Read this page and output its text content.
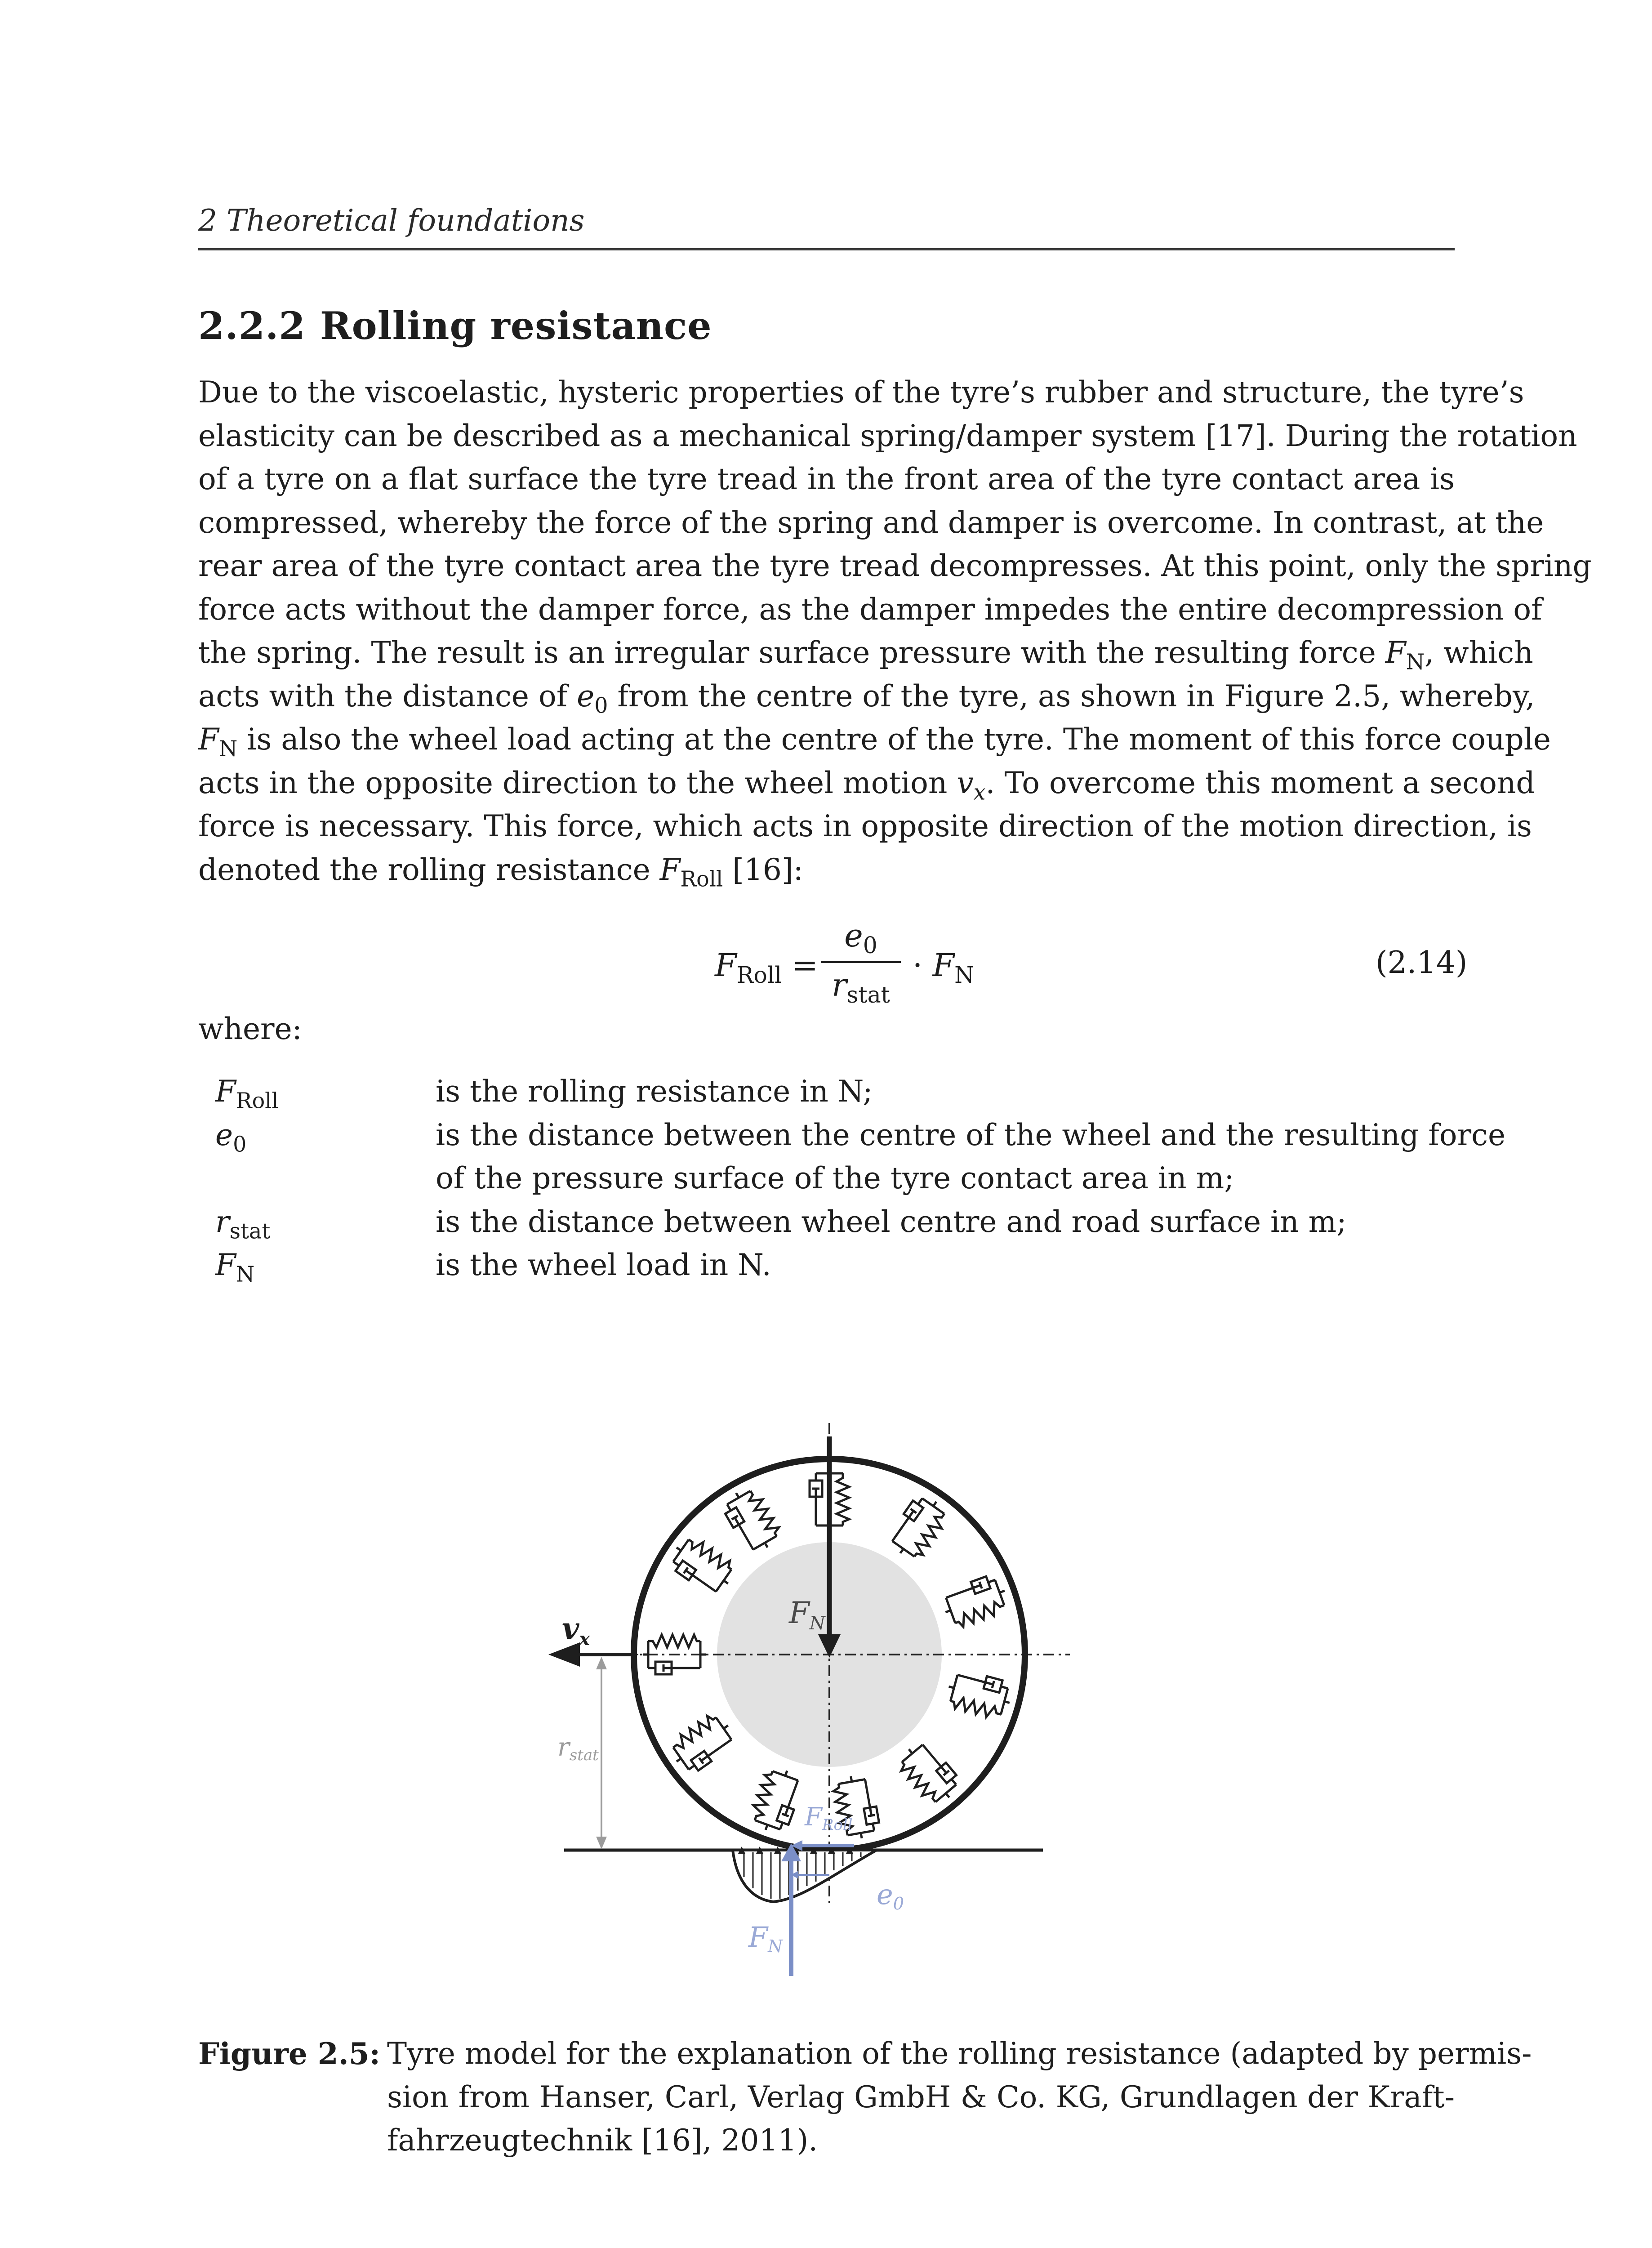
2 Theoretical foundations
2.2.2 Rolling resistance
Due to the viscoelastic, hysteric properties of the tyre’s rubber and structure, the tyre’s
elasticity can be described as a mechanical spring/damper system [17]. During the rotation
of a tyre on a flat surface the tyre tread in the front area of the tyre contact area is
compressed, whereby the force of the spring and damper is overcome. In contrast, at the
rear area of the tyre contact area the tyre tread decompresses. At this point, only the spring
force acts without the damper force, as the damper impedes the entire decompression of
the spring. The result is an irregular surface pressure with the resulting force $F_N$, which
acts with the distance of $e_0$ from the centre of the tyre, as shown in Figure 2.5, whereby,
$F_N$ is also the wheel load acting at the centre of the tyre. The moment of this force couple
acts in the opposite direction to the wheel motion $v_x$. To overcome this moment a second
force is necessary. This force, which acts in opposite direction of the motion direction, is
denoted the rolling resistance $F_{Roll}$ [16]:
$F_{Roll}$ =
$e_0$
$r_{stat}$
· $F_N$	(2.14)
where:
$F_{Roll}$	is the rolling resistance in N;
$e_0$	is the distance between the centre of the wheel and the resulting force
of the pressure surface of the tyre contact area in m;
$r_{stat}$	is the distance between wheel centre and road surface in m;
$F_N$	is the wheel load in N.
$v_x$
$F_N$
rstat
FRoll
e0
FN
Figure 2.5: Tyre model for the explanation of the rolling resistance (adapted by permis-
sion from Hanser, Carl, Verlag GmbH & Co. KG, Grundlagen der Kraft-
fahrzeugtechnik [16], 2011).
